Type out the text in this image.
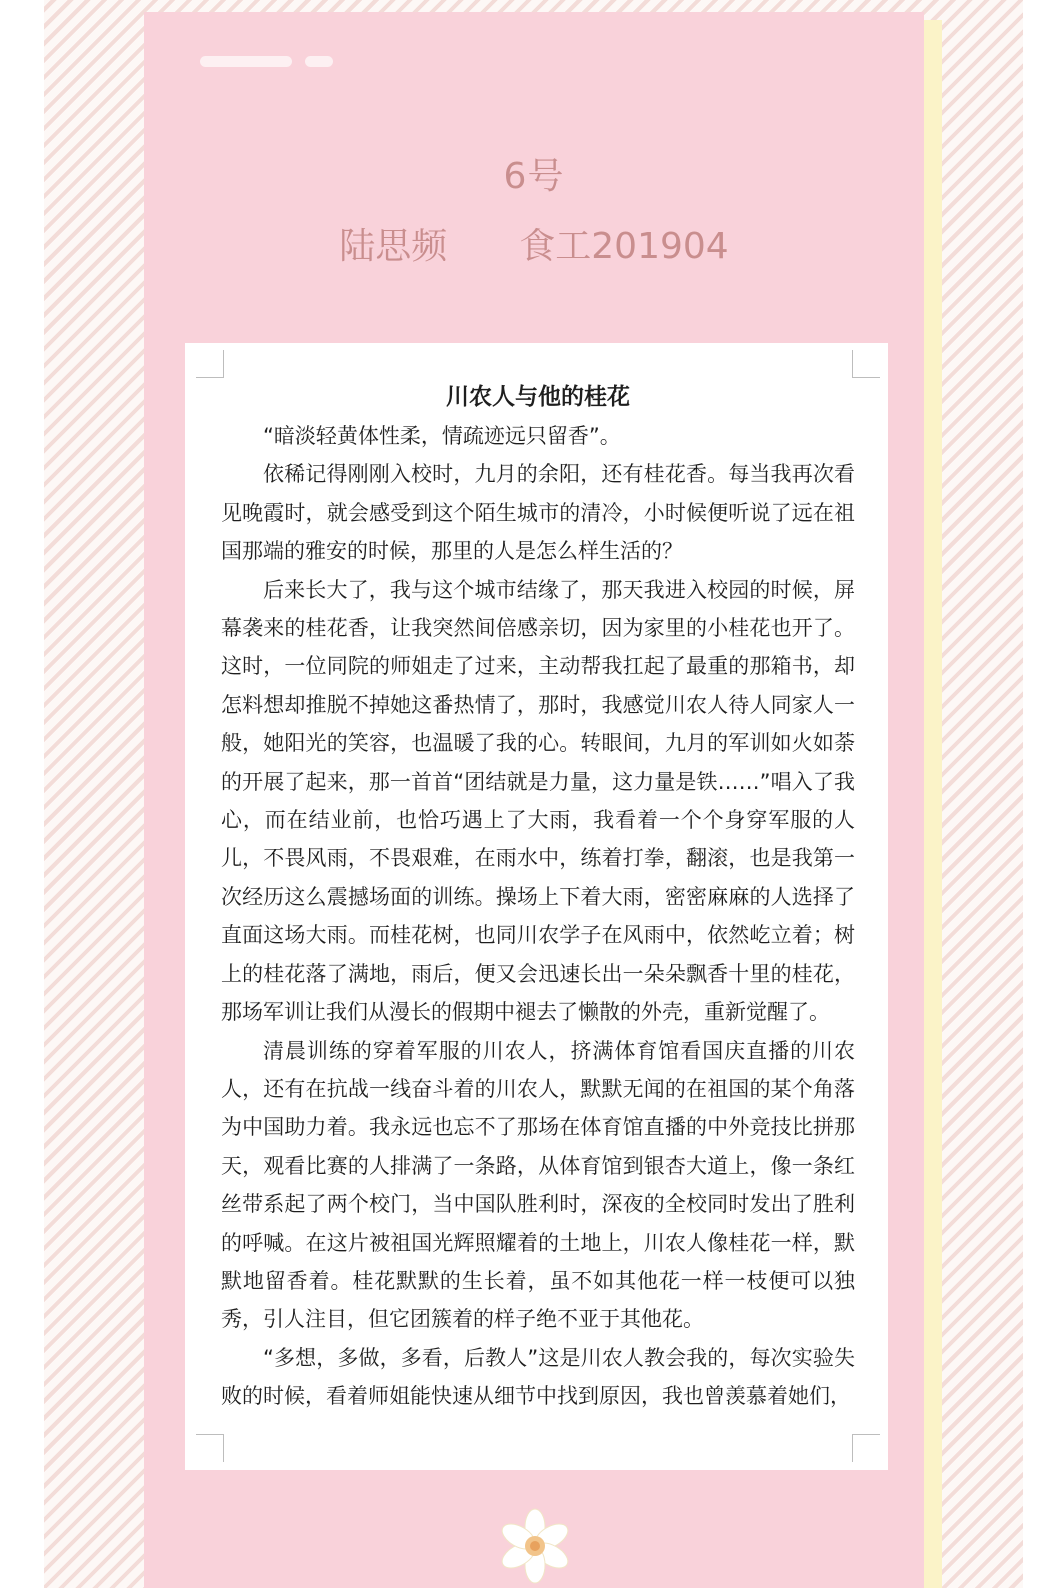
6号
陆思频　　食工201904

川农人与他的桂花

“暗淡轻黄体性柔，情疏迹远只留香”。

依稀记得刚刚入校时，九月的余阳，还有桂花香。每当我再次看见晚霞时，就会感受到这个陌生城市的清冷，小时候便听说了远在祖国那端的雅安的时候，那里的人是怎么样生活的？

后来长大了，我与这个城市结缘了，那天我进入校园的时候，屏幕袭来的桂花香，让我突然间倍感亲切，因为家里的小桂花也开了。这时，一位同院的师姐走了过来，主动帮我扛起了最重的那箱书，却怎料想却推脱不掉她这番热情了，那时，我感觉川农人待人同家人一般，她阳光的笑容，也温暖了我的心。转眼间，九月的军训如火如荼的开展了起来，那一首首“团结就是力量，这力量是铁……”唱入了我心，而在结业前，也恰巧遇上了大雨，我看着一个个身穿军服的人儿，不畏风雨，不畏艰难，在雨水中，练着打拳，翻滚，也是我第一次经历这么震撼场面的训练。操场上下着大雨，密密麻麻的人选择了直面这场大雨。而桂花树，也同川农学子在风雨中，依然屹立着；树上的桂花落了满地，雨后，便又会迅速长出一朵朵飘香十里的桂花，那场军训让我们从漫长的假期中褪去了懒散的外壳，重新觉醒了。

清晨训练的穿着军服的川农人，挤满体育馆看国庆直播的川农人，还有在抗战一线奋斗着的川农人，默默无闻的在祖国的某个角落为中国助力着。我永远也忘不了那场在体育馆直播的中外竞技比拼那天，观看比赛的人排满了一条路，从体育馆到银杏大道上，像一条红丝带系起了两个校门，当中国队胜利时，深夜的全校同时发出了胜利的呼喊。在这片被祖国光辉照耀着的土地上，川农人像桂花一样，默默地留香着。桂花默默的生长着，虽不如其他花一样一枝便可以独秀，引人注目，但它团簇着的样子绝不亚于其他花。

“多想，多做，多看，后教人”这是川农人教会我的，每次实验失败的时候，看着师姐能快速从细节中找到原因，我也曾羡慕着她们，
